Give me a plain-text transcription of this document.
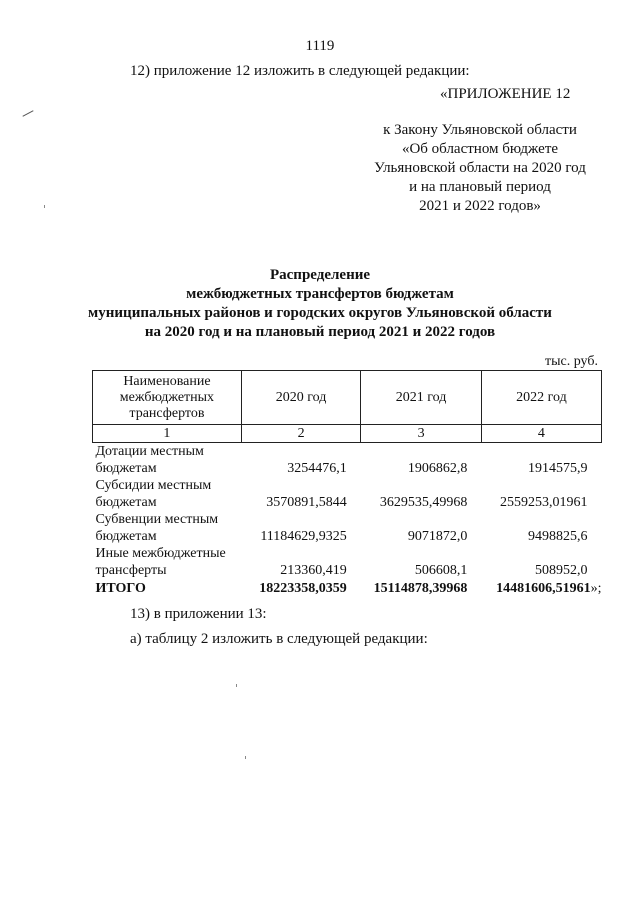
1119
12) приложение 12 изложить в следующей редакции:
«ПРИЛОЖЕНИЕ 12
к Закону Ульяновской области
«Об областном бюджете
Ульяновской области на 2020 год
и на плановый период
2021 и 2022 годов»
Распределение
межбюджетных трансфертов бюджетам
муниципальных районов и городских округов Ульяновской области
на 2020 год и на плановый период 2021 и 2022 годов
тыс. руб.
Наименование межбюджетных трансфертов	2020 год	2021 год	2022 год
1	2	3	4
Дотации местным бюджетам	3254476,1	1906862,8	1914575,9
Субсидии местным бюджетам	3570891,5844	3629535,49968	2559253,01961
Субвенции местным бюджетам	11184629,9325	9071872,0	9498825,6
Иные межбюджетные трансферты	213360,419	506608,1	508952,0
ИТОГО	18223358,0359	15114878,39968	14481606,51961»;
13) в приложении 13:
а) таблицу 2 изложить в следующей редакции:
